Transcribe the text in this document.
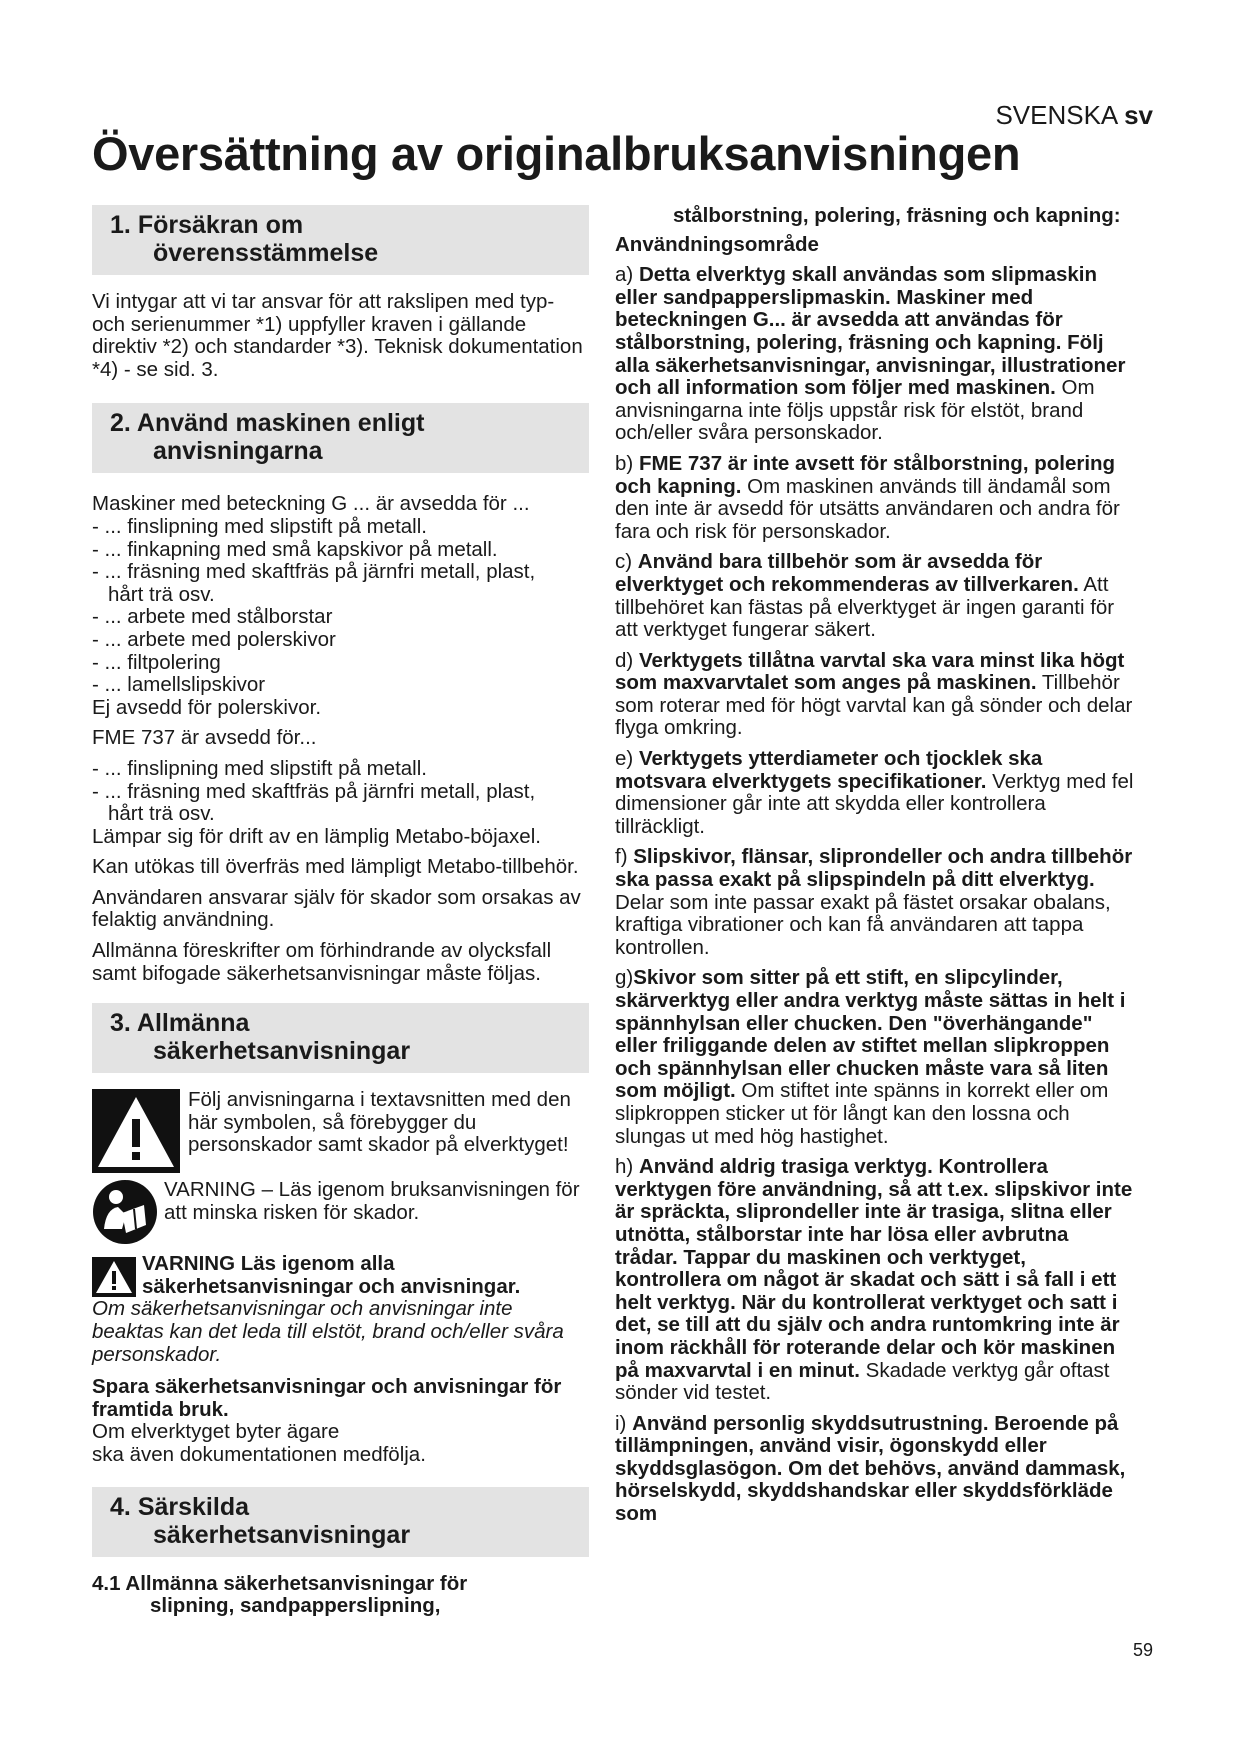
SVENSKA sv
Översättning av originalbruksanvisningen
1. Försäkran om
överensstämmelse

Vi intygar att vi tar ansvar för att rakslipen med typ- och serienummer *1) uppfyller kraven i gällande direktiv *2) och standarder *3). Teknisk dokumentation *4) - se sid. 3.

2. Använd maskinen enligt
anvisningarna

Maskiner med beteckning G ... är avsedda för ...

- ... finslipning med slipstift på metall.

- ... finkapning med små kapskivor på metall.

- ... fräsning med skaftfräs på järnfri metall, plast,

hårt trä osv.

- ... arbete med stålborstar

- ... arbete med polerskivor

- ... filtpolering

- ... lamellslipskivor

Ej avsedd för polerskivor.

FME 737 är avsedd för...

- ... finslipning med slipstift på metall.

- ... fräsning med skaftfräs på järnfri metall, plast,

hårt trä osv.

Lämpar sig för drift av en lämplig Metabo-böjaxel.

Kan utökas till överfräs med lämpligt Metabo-tillbehör.

Användaren ansvarar själv för skador som orsakas av felaktig användning.

Allmänna föreskrifter om förhindrande av olycksfall samt bifogade säkerhetsanvisningar måste följas.

3. Allmänna
säkerhetsanvisningar
Följ anvisningarna i textavsnitten med den här symbolen, så förebygger du personskador samt skador på elverktyget!
VARNING – Läs igenom bruksanvisningen för att minska risken för skador.
VARNING Läs igenom alla säkerhetsanvisningar och anvisningar.

Om säkerhetsanvisningar och anvisningar inte beaktas kan det leda till elstöt, brand och/eller svåra personskador.

Spara säkerhetsanvisningar och anvisningar för framtida bruk.

Om elverktyget byter ägare

ska även dokumentationen medfölja.

4. Särskilda
säkerhetsanvisningar
4.1 Allmänna säkerhetsanvisningar för
slipning, sandpapperslipning,

stålborstning, polering, fräsning och kapning:

Användningsområde

a) Detta elverktyg skall användas som slipmaskin eller sandpapperslipmaskin. Maskiner med beteckningen G... är avsedda att användas för stålborstning, polering, fräsning och kapning. Följ alla säkerhetsanvisningar, anvisningar, illustrationer och all information som följer med maskinen. Om anvisningarna inte följs uppstår risk för elstöt, brand och/eller svåra personskador.

b) FME 737 är inte avsett för stålborstning, polering och kapning. Om maskinen används till ändamål som den inte är avsedd för utsätts användaren och andra för fara och risk för personskador.

c) Använd bara tillbehör som är avsedda för elverktyget och rekommenderas av tillverkaren. Att tillbehöret kan fästas på elverktyget är ingen garanti för att verktyget fungerar säkert.

d) Verktygets tillåtna varvtal ska vara minst lika högt som maxvarvtalet som anges på maskinen. Tillbehör som roterar med för högt varvtal kan gå sönder och delar flyga omkring.

e) Verktygets ytterdiameter och tjocklek ska motsvara elverktygets specifikationer. Verktyg med fel dimensioner går inte att skydda eller kontrollera tillräckligt.

f) Slipskivor, flänsar, sliprondeller och andra tillbehör ska passa exakt på slipspindeln på ditt elverktyg. Delar som inte passar exakt på fästet orsakar obalans, kraftiga vibrationer och kan få användaren att tappa kontrollen.

g)Skivor som sitter på ett stift, en slipcylinder, skärverktyg eller andra verktyg måste sättas in helt i spännhylsan eller chucken. Den "överhängande" eller friliggande delen av stiftet mellan slipkroppen och spännhylsan eller chucken måste vara så liten som möjligt. Om stiftet inte spänns in korrekt eller om slipkroppen sticker ut för långt kan den lossna och slungas ut med hög hastighet.

h) Använd aldrig trasiga verktyg. Kontrollera verktygen före användning, så att t.ex. slipskivor inte är spräckta, sliprondeller inte är trasiga, slitna eller utnötta, stålborstar inte har lösa eller avbrutna trådar. Tappar du maskinen och verktyget, kontrollera om något är skadat och sätt i så fall i ett helt verktyg. När du kontrollerat verktyget och satt i det, se till att du själv och andra runtomkring inte är inom räckhåll för roterande delar och kör maskinen på maxvarvtal i en minut. Skadade verktyg går oftast sönder vid testet.

i) Använd personlig skyddsutrustning. Beroende på tillämpningen, använd visir, ögonskydd eller skyddsglasögon. Om det behövs, använd dammask, hörselskydd, skyddshandskar eller skyddsförkläde som

59
